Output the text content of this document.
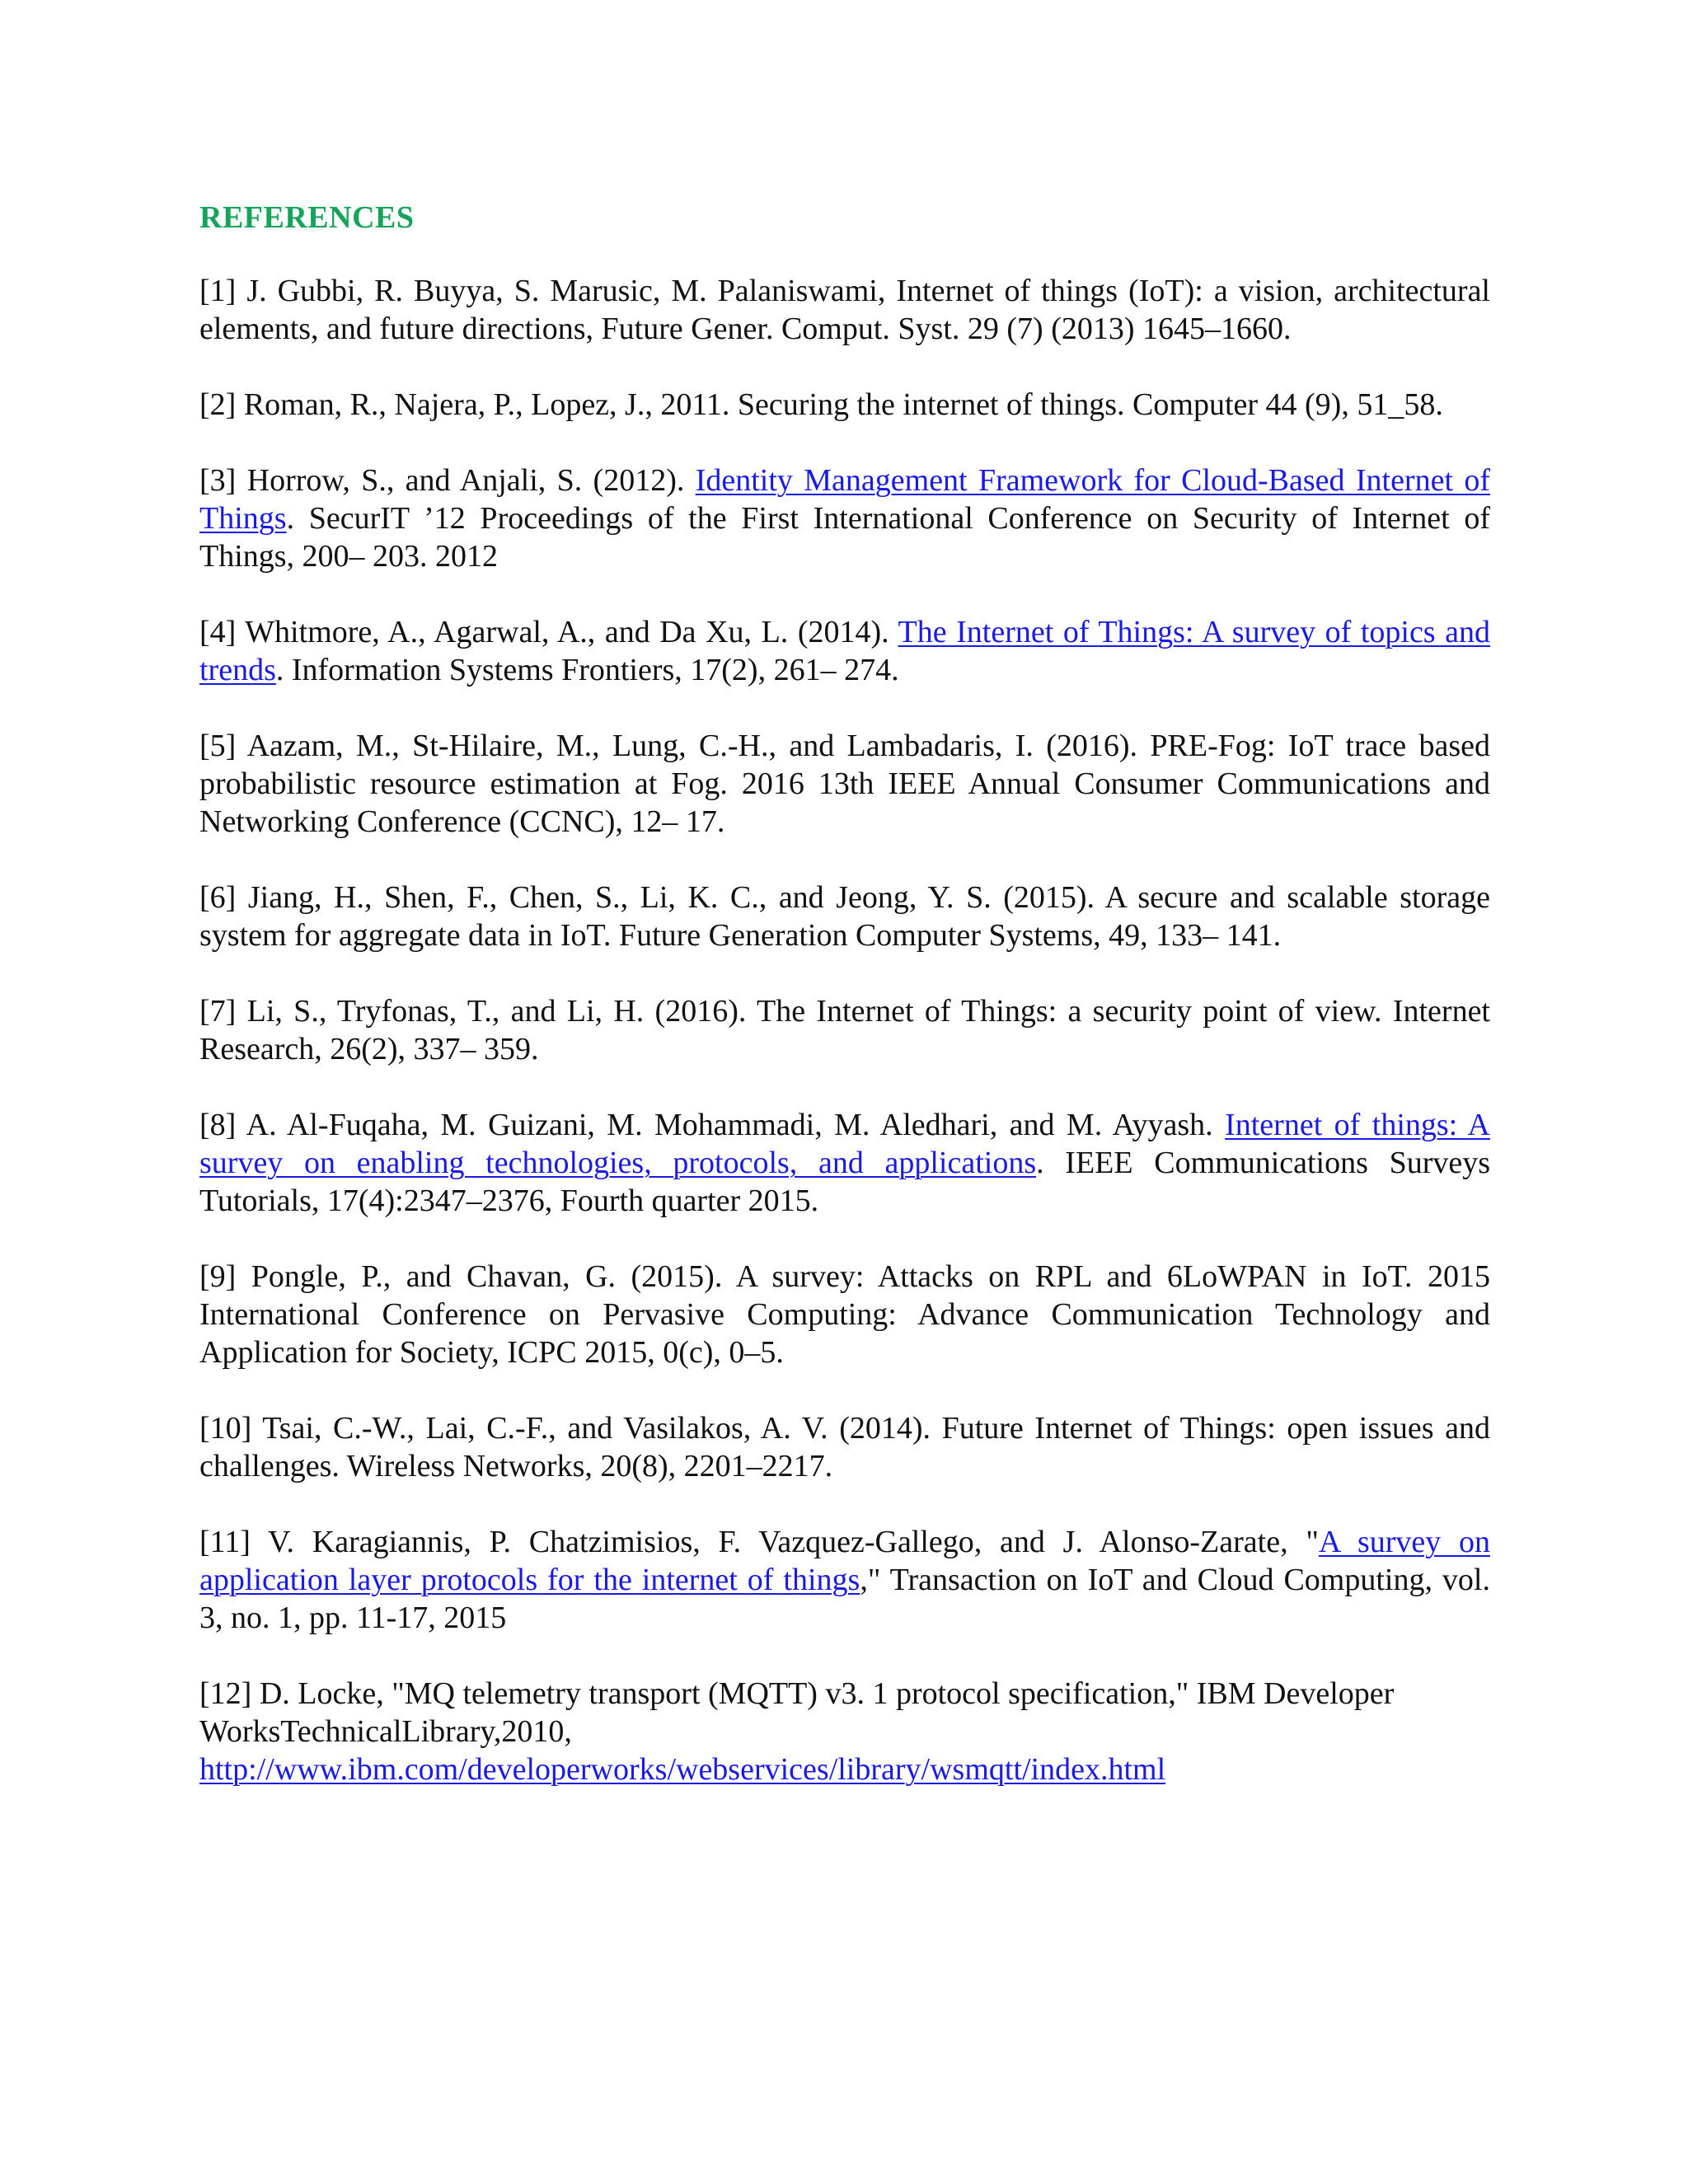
REFERENCES
[1] J. Gubbi, R. Buyya, S. Marusic, M. Palaniswami, Internet of things (IoT): a vision, architectural elements, and future directions, Future Gener. Comput. Syst. 29 (7) (2013) 1645–1660.
[2] Roman, R., Najera, P., Lopez, J., 2011. Securing the internet of things. Computer 44 (9), 51_58.
[3] Horrow, S., and Anjali, S. (2012). Identity Management Framework for Cloud-Based Internet of Things. SecurIT ’12 Proceedings of the First International Conference on Security of Internet of Things, 200– 203. 2012
[4] Whitmore, A., Agarwal, A., and Da Xu, L. (2014). The Internet of Things: A survey of topics and trends. Information Systems Frontiers, 17(2), 261– 274.
[5] Aazam, M., St-Hilaire, M., Lung, C.-H., and Lambadaris, I. (2016). PRE-Fog: IoT trace based probabilistic resource estimation at Fog. 2016 13th IEEE Annual Consumer Communications and Networking Conference (CCNC), 12– 17.
[6] Jiang, H., Shen, F., Chen, S., Li, K. C., and Jeong, Y. S. (2015). A secure and scalable storage system for aggregate data in IoT. Future Generation Computer Systems, 49, 133– 141.
[7] Li, S., Tryfonas, T., and Li, H. (2016). The Internet of Things: a security point of view. Internet Research, 26(2), 337– 359.
[8] A. Al-Fuqaha, M. Guizani, M. Mohammadi, M. Aledhari, and M. Ayyash. Internet of things: A survey on enabling technologies, protocols, and applications. IEEE Communications Surveys Tutorials, 17(4):2347–2376, Fourth quarter 2015.
[9] Pongle, P., and Chavan, G. (2015). A survey: Attacks on RPL and 6LoWPAN in IoT. 2015 International Conference on Pervasive Computing: Advance Communication Technology and Application for Society, ICPC 2015, 0(c), 0–5.
[10] Tsai, C.-W., Lai, C.-F., and Vasilakos, A. V. (2014). Future Internet of Things: open issues and challenges. Wireless Networks, 20(8), 2201–2217.
[11] V. Karagiannis, P. Chatzimisios, F. Vazquez-Gallego, and J. Alonso-Zarate, "A survey on application layer protocols for the internet of things," Transaction on IoT and Cloud Computing, vol. 3, no. 1, pp. 11-17, 2015
[12] D. Locke, "MQ telemetry transport (MQTT) v3. 1 protocol specification," IBM Developer WorksTechnicalLibrary,2010,
http://www.ibm.com/developerworks/webservices/library/wsmqtt/index.html
